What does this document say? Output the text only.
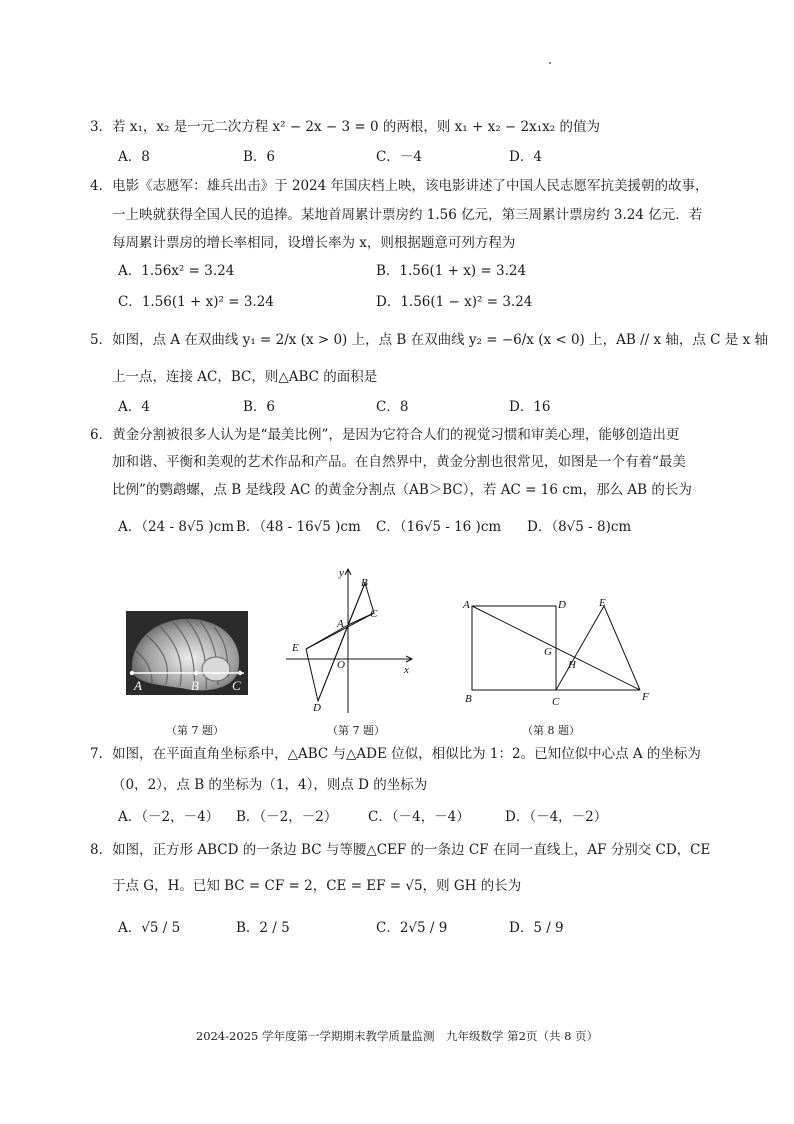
3．若 x₁，x₂ 是一元二次方程 x² − 2x − 3 = 0 的两根，则 x₁ + x₂ − 2x₁x₂ 的值为
A．8	B．6	C．－4	D．4
4．电影《志愿军：雄兵出击》于 2024 年国庆档上映，该电影讲述了中国人民志愿军抗美援朝的故事，
一上映就获得全国人民的追捧。某地首周累计票房约 1.56 亿元，第三周累计票房约 3.24 亿元．若
每周累计票房的增长率相同，设增长率为 x，则根据题意可列方程为
A．1.56x² = 3.24	B．1.56(1 + x) = 3.24
C．1.56(1 + x)² = 3.24	D．1.56(1 − x)² = 3.24
5．如图，点 A 在双曲线 y₁ = 2/x (x > 0) 上，点 B 在双曲线 y₂ = −6/x (x < 0) 上，AB // x 轴，点 C 是 x 轴
上一点，连接 AC，BC，则△ABC 的面积是
A．4	B．6	C．8	D．16
6．黄金分割被很多人认为是“最美比例”，是因为它符合人们的视觉习惯和审美心理，能够创造出更
加和谐、平衡和美观的艺术作品和产品。在自然界中，黄金分割也很常见，如图是一个有着“最美
比例”的鹦鹉螺，点 B 是线段 AC 的黄金分割点（AB＞BC），若 AC = 16 cm，那么 AB 的长为
A．（24 - 8√5 )cm B．（48 - 16√5 )cm C．（16√5 - 16 )cm D．（8√5 - 8)cm
A	B	C
（第 7 题）
y
x
B
C
A
E
O
D
（第 7 题）
A	D	E
G
H
B	C	F
（第 8 题）
7．如图，在平面直角坐标系中，△ABC 与△ADE 位似，相似比为 1：2。已知位似中心点 A 的坐标为
（0，2），点 B 的坐标为（1，4），则点 D 的坐标为
A．（－2，－4） B．（－2，－2） C．（－4，－4）	D．（－4，－2）
8．如图，正方形 ABCD 的一条边 BC 与等腰△CEF 的一条边 CF 在同一直线上，AF 分别交 CD，CE
于点 G，H。已知 BC = CF = 2，CE = EF = √5，则 GH 的长为
A．√5 / 5	B．2 / 5	C．2√5 / 9	D．5 / 9
2024-2025 学年度第一学期期末教学质量监测　九年级数学 第2页（共 8 页）
